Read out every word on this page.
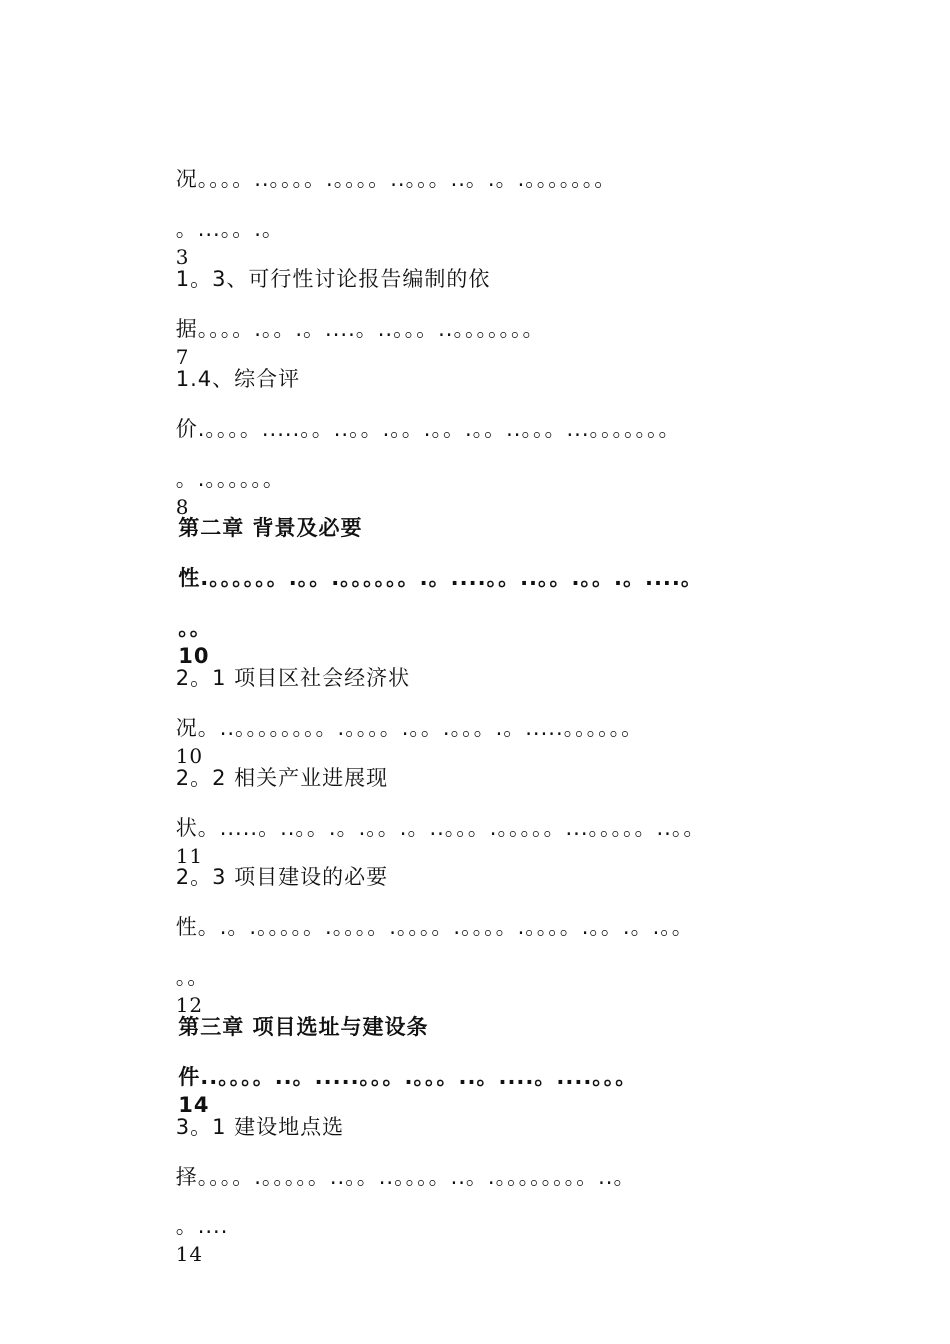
况。。。。..。。。。.。。。。..。。。..。.。.。。。。。。。

。...。。.。
3

1。3、可行性讨论报告编制的依

据。。。。.。。.。....。..。。。..。。。。。。。
7

1.4、综合评

价.。。。。.....。。..。。.。。.。。.。。..。。。...。。。。。。。

。.。。。。。。
8

第二章 背景及必要

性.。。。。。。.。。.。。。。。。.。....。。..。。.。。.。....。

。。
10

2。1 项目区社会经济状

况。..。。。。。。。。.。。。。.。。.。。。.。.....。。。。。。
10

2。2 相关产业进展现

状。.....。..。。.。.。。.。..。。。.。。。。。...。。。。。..。。
11

2。3 项目建设的必要

性。.。.。。。。。.。。。。.。。。。.。。。。.。。。。.。。.。.。。

。。
12

第三章 项目选址与建设条

件..。。。。..。.....。。。.。。。..。....。....。。。
14

3。1 建设地点选

择。。。。.。。。。。..。。..。。。。..。.。。。。。。。。..。

。....
14
